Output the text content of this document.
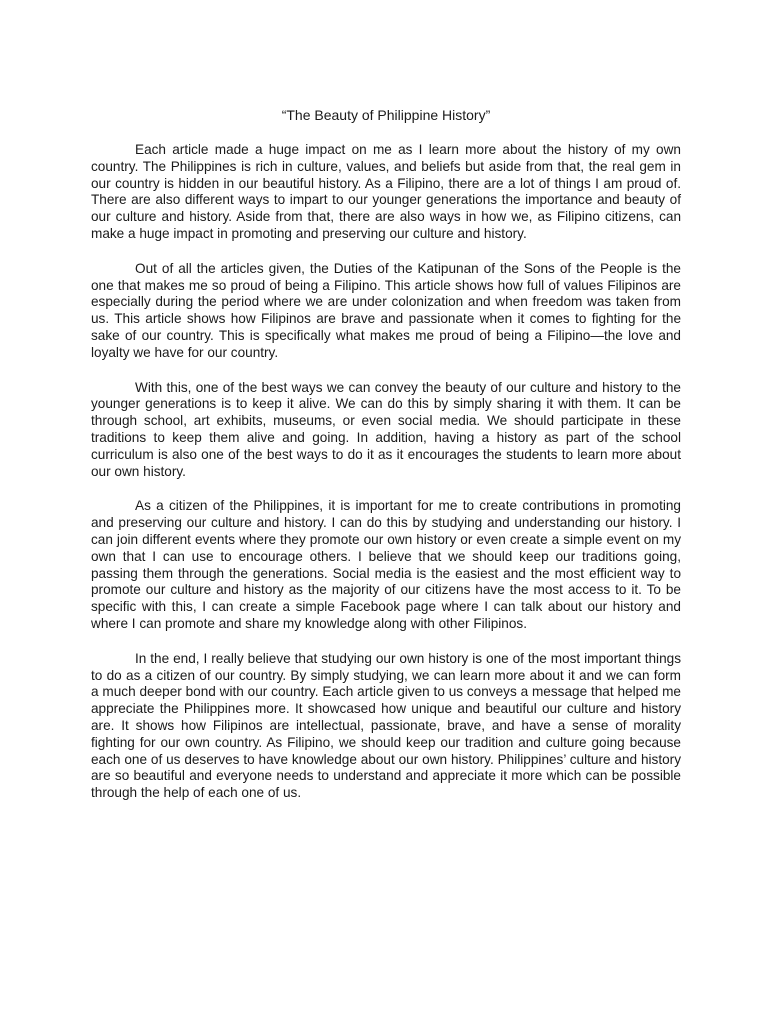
“The Beauty of Philippine History”

Each article made a huge impact on me as I learn more about the history of my own country. The Philippines is rich in culture, values, and beliefs but aside from that, the real gem in our country is hidden in our beautiful history. As a Filipino, there are a lot of things I am proud of. There are also different ways to impart to our younger generations the importance and beauty of our culture and history. Aside from that, there are also ways in how we, as Filipino citizens, can make a huge impact in promoting and preserving our culture and history.

Out of all the articles given, the Duties of the Katipunan of the Sons of the People is the one that makes me so proud of being a Filipino. This article shows how full of values Filipinos are especially during the period where we are under colonization and when freedom was taken from us. This article shows how Filipinos are brave and passionate when it comes to fighting for the sake of our country. This is specifically what makes me proud of being a Filipino—the love and loyalty we have for our country.

With this, one of the best ways we can convey the beauty of our culture and history to the younger generations is to keep it alive. We can do this by simply sharing it with them. It can be through school, art exhibits, museums, or even social media. We should participate in these traditions to keep them alive and going. In addition, having a history as part of the school curriculum is also one of the best ways to do it as it encourages the students to learn more about our own history.

As a citizen of the Philippines, it is important for me to create contributions in promoting and preserving our culture and history. I can do this by studying and understanding our history. I can join different events where they promote our own history or even create a simple event on my own that I can use to encourage others. I believe that we should keep our traditions going, passing them through the generations. Social media is the easiest and the most efficient way to promote our culture and history as the majority of our citizens have the most access to it. To be specific with this, I can create a simple Facebook page where I can talk about our history and where I can promote and share my knowledge along with other Filipinos.

In the end, I really believe that studying our own history is one of the most important things to do as a citizen of our country. By simply studying, we can learn more about it and we can form a much deeper bond with our country. Each article given to us conveys a message that helped me appreciate the Philippines more. It showcased how unique and beautiful our culture and history are. It shows how Filipinos are intellectual, passionate, brave, and have a sense of morality fighting for our own country. As Filipino, we should keep our tradition and culture going because each one of us deserves to have knowledge about our own history. Philippines’ culture and history are so beautiful and everyone needs to understand and appreciate it more which can be possible through the help of each one of us.
